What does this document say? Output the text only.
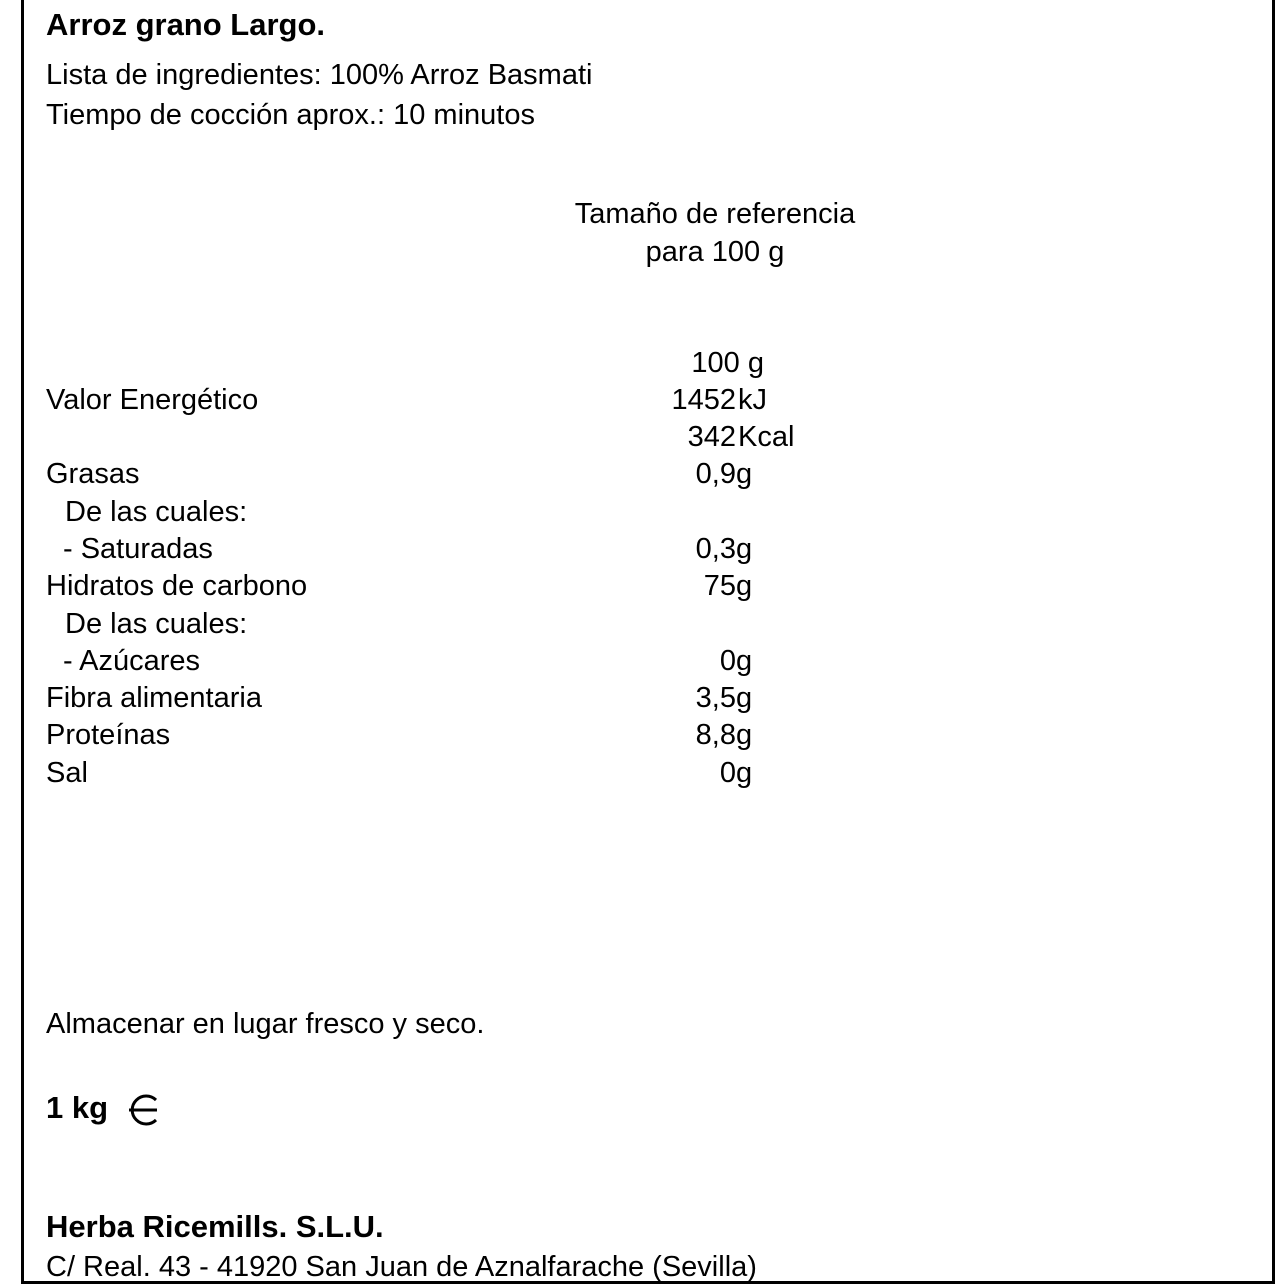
Arroz grano Largo.
Lista de ingredientes: 100% Arroz Basmati
Tiempo de cocción aprox.: 10 minutos
Tamaño de referencia
para 100 g
100 g
Valor Energético	1452 kJ
342 Kcal
Grasas	0,9 g
De las cuales:
- Saturadas	0,3 g
Hidratos de carbono	75 g
De las cuales:
- Azúcares	0 g
Fibra alimentaria	3,5 g
Proteínas	8,8 g
Sal	0 g
Almacenar en lugar fresco y seco.
1 kg
Herba Ricemills. S.L.U.
C/ Real. 43 - 41920 San Juan de Aznalfarache (Sevilla)
